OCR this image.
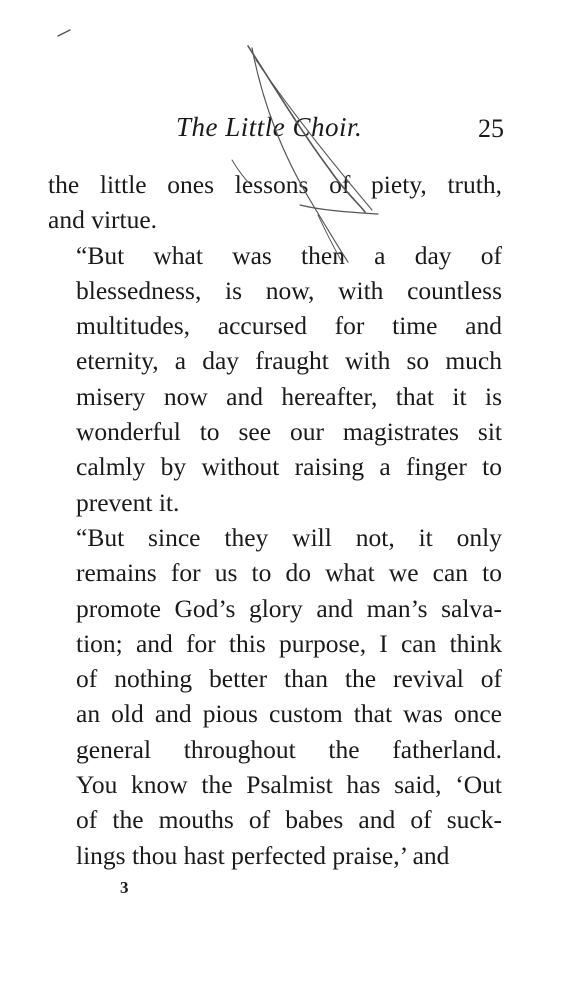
The Little Choir.	25
the little ones lessons of piety, truth,
and virtue.
“But what was then a day of
blessedness, is now, with countless
multitudes, accursed for time and
eternity, a day fraught with so much
misery now and hereafter, that it is
wonderful to see our magistrates sit
calmly by without raising a finger to
prevent it.
“But since they will not, it only
remains for us to do what we can to
promote God’s glory and man’s salva-
tion; and for this purpose, I can think
of nothing better than the revival of
an old and pious custom that was once
general throughout the fatherland.
You know the Psalmist has said, ‘Out
of the mouths of babes and of suck-
lings thou hast perfected praise,’ and
3
